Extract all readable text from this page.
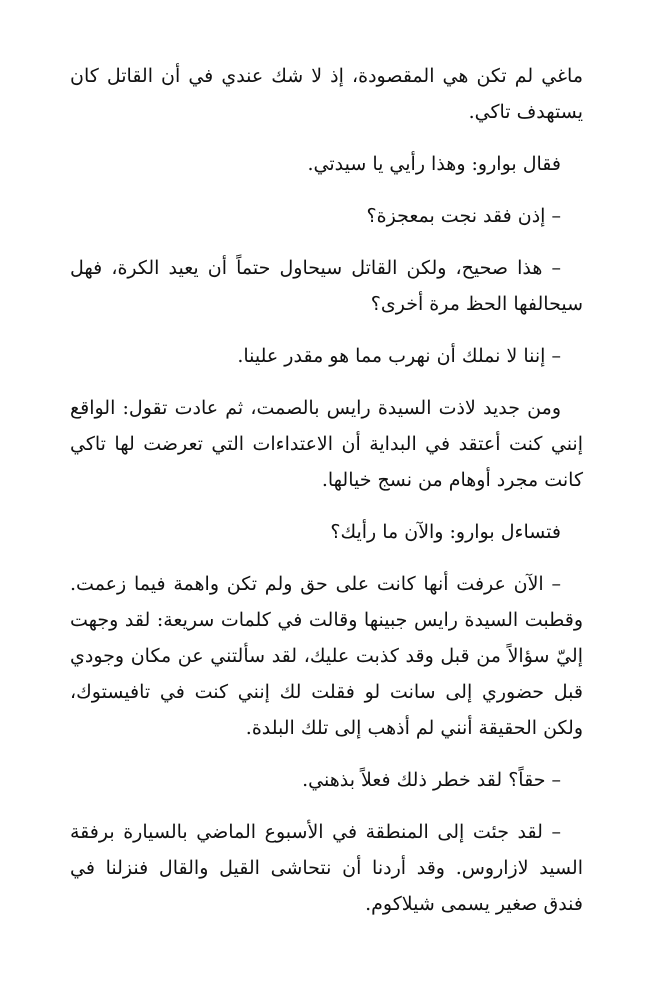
ماغي لم تكن هي المقصودة، إذ لا شك عندي في أن القاتل كان يستهدف تاكي.

فقال بوارو: وهذا رأيي يا سيدتي.

– إذن فقد نجت بمعجزة؟

– هذا صحيح، ولكن القاتل سيحاول حتماً أن يعيد الكرة، فهل سيحالفها الحظ مرة أخرى؟

– إننا لا نملك أن نهرب مما هو مقدر علينا.

ومن جديد لاذت السيدة رايس بالصمت، ثم عادت تقول: الواقع إنني كنت أعتقد في البداية أن الاعتداءات التي تعرضت لها تاكي كانت مجرد أوهام من نسج خيالها.

فتساءل بوارو: والآن ما رأيك؟

– الآن عرفت أنها كانت على حق ولم تكن واهمة فيما زعمت. وقطبت السيدة رايس جبينها وقالت في كلمات سريعة: لقد وجهت إليّ سؤالاً من قبل وقد كذبت عليك، لقد سألتني عن مكان وجودي قبل حضوري إلى سانت لو فقلت لك إنني كنت في تافيستوك، ولكن الحقيقة أنني لم أذهب إلى تلك البلدة.

– حقاً؟ لقد خطر ذلك فعلاً بذهني.

– لقد جئت إلى المنطقة في الأسبوع الماضي بالسيارة برفقة السيد لازاروس. وقد أردنا أن نتحاشى القيل والقال فنزلنا في فندق صغير يسمى شيلاكوم.
